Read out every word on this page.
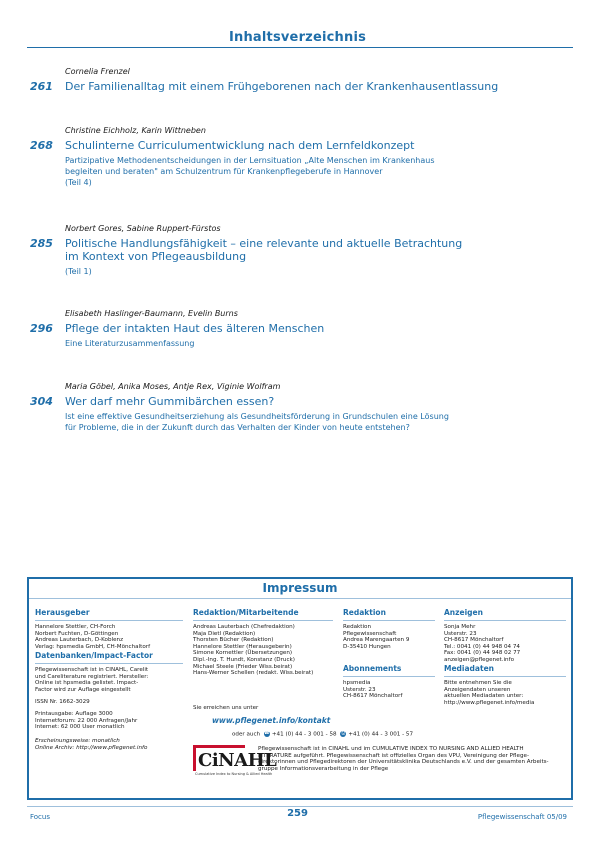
Inhaltsverzeichnis
Cornelia Frenzel
261 Der Familienalltag mit einem Frühgeborenen nach der Krankenhausentlassung
Christine Eichholz, Karin Wittneben
268 Schulinterne Curriculumentwicklung nach dem Lernfeldkonzept
Partizipative Methodenentscheidungen in der Lernsituation „Alte Menschen im Krankenhaus
begleiten und beraten" am Schulzentrum für Krankenpflegeberufe in Hannover
(Teil 4)
Norbert Gores, Sabine Ruppert-Fürstos
285 Politische Handlungsfähigkeit – eine relevante und aktuelle Betrachtung
im Kontext von Pflegeausbildung
(Teil 1)
Elisabeth Haslinger-Baumann, Evelin Burns
296 Pflege der intakten Haut des älteren Menschen
Eine Literaturzusammenfassung
Maria Göbel, Anika Moses, Antje Rex, Viginie Wolfram
304 Wer darf mehr Gummibärchen essen?
Ist eine effektive Gesundheitserziehung als Gesundheitsförderung in Grundschulen eine Lösung
für Probleme, die in der Zukunft durch das Verhalten der Kinder von heute entstehen?
Impressum
Herausgeber
Hannelore Stettler, CH-Forch
Norbert Fuchten, D-Göttingen
Andreas Lauterbach, D-Koblenz
Verlag: hpsmedia GmbH, CH-Mönchaltorf
Datenbanken/Impact-Factor
Pflegewissenschaft ist in CINAHL, Carelit
und Careliterature registriert. Hersteller:
Online ist hpsmedia gelistet. Impact-
Factor wird zur Auflage eingestellt
ISSN Nr. 1662-3029
Printausgabe: Auflage 3000
Internetforum: 22 000 Anfragen/Jahr
Internet: 62 000 User monatlich
Erscheinungsweise: monatlich
Online Archiv: http://www.pflegenet.info
Redaktion/Mitarbeitende
Andreas Lauterbach (Chefredaktion)
Maja Dietl (Redaktion)
Thorsten Bücher (Redaktion)
Hannelore Stettler (Herausgeberin)
Simone Kornettler (Übersetzungen)
Dipl.-Ing. T. Hundt, Konstanz (Druck)
Michael Steele (Frieder Wiss.beirat)
Hans-Werner Schellen (redakt. Wiss.beirat)
Sie erreichen uns unter
www.pflegenet.info/kontakt
oder auch ☎ +41 (0) 44 - 3 001 - 58 ⎙ +41 (0) 44 - 3 001 - 57
Redaktion
Redaktion
Pflegewissenschaft
Andrea Marengaarten 9
D-35410 Hungen
Abonnements
hpsmedia
Usterstr. 23
CH-8617 Mönchaltorf
Anzeigen
Sonja Mehr
Usterstr. 23
CH-8617 Mönchaltorf
Tel.: 0041 (0) 44 948 04 74
Fax: 0041 (0) 44 948 02 77
anzeigen@pflegenet.info
Mediadaten
Bitte entnehmen Sie die
Anzeigendaten unseren
aktuellen Mediadaten unter:
http://www.pflegenet.info/media
CiNAHL
Cumulative Index to Nursing & Allied Health
Pflegewissenschaft ist in CINAHL und im CUMULATIVE INDEX TO NURSING AND ALLIED HEALTH
LITERATURE aufgeführt. Pflegewissenschaft ist offizielles Organ des VPU, Vereinigung der Pflege-
direktorinnen und Pflegedirektoren der Universitätsklinika Deutschlands e.V. und der gesamten Arbeits-
gruppe Informationsverarbeitung in der Pflege
Focus	259	Pflegewissenschaft 05/09
